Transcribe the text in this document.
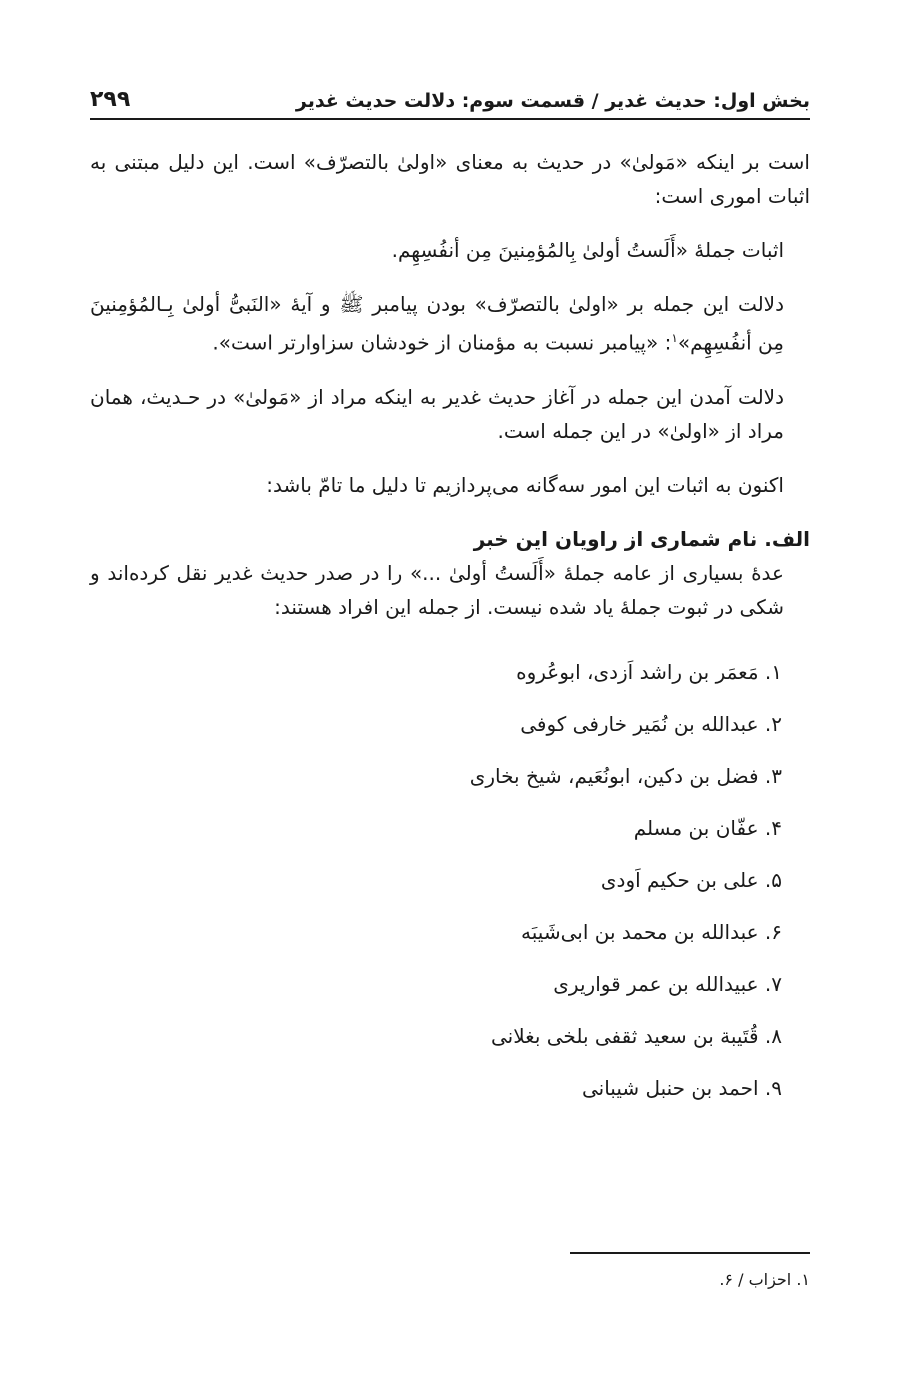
بخش اول: حدیث غدیر / قسمت سوم: دلالت حدیث غدیر
۲۹۹

است بر اینکه «مَولیٰ» در حدیث به معنای «اولیٰ بالتصرّف» است. این دلیل مبتنی به اثبات اموری است:

اثبات جملۀ «أَلَستُ أولیٰ بِالمُؤمِنینَ مِن أنفُسِهِم.

دلالت این جمله بر «اولیٰ بالتصرّف» بودن پیامبر ﷺ و آیۀ «النَبیُّ أولیٰ بِـالمُؤمِنینَ مِن أنفُسِهِم»$^۱$: «پیامبر نسبت به مؤمنان از خودشان سزاوارتر است».

دلالت آمدن این جمله در آغاز حدیث غدیر به اینکه مراد از «مَولیٰ» در حـدیث، همان مراد از «اولیٰ» در این جمله است.

اکنون به اثبات این امور سه‌گانه می‌پردازیم تا دلیل ما تامّ باشد:

الف. نام شماری از راویان این خبر

عدۀ بسیاری از عامه جملۀ «أَلَستُ أولیٰ ...» را در صدر حدیث غدیر نقل کرده‌اند و شکی در ثبوت جملۀ یاد شده نیست. از جمله این افراد هستند:

۱. مَعمَر بن راشد اَزدی، ابوعُروه
۲. عبدالله بن نُمَیر خارفی کوفی
۳. فضل بن دکین، ابونُعَیم، شیخ بخاری
۴. عفّان بن مسلم
۵. علی بن حکیم اَودی
۶. عبدالله بن محمد بن ابی‌شَیبَه
۷. عبیدالله بن عمر قواریری
۸. قُتَیبة بن سعید ثقفی بلخی بغلانی
۹. احمد بن حنبل شیبانی
۱. احزاب / ۶.
